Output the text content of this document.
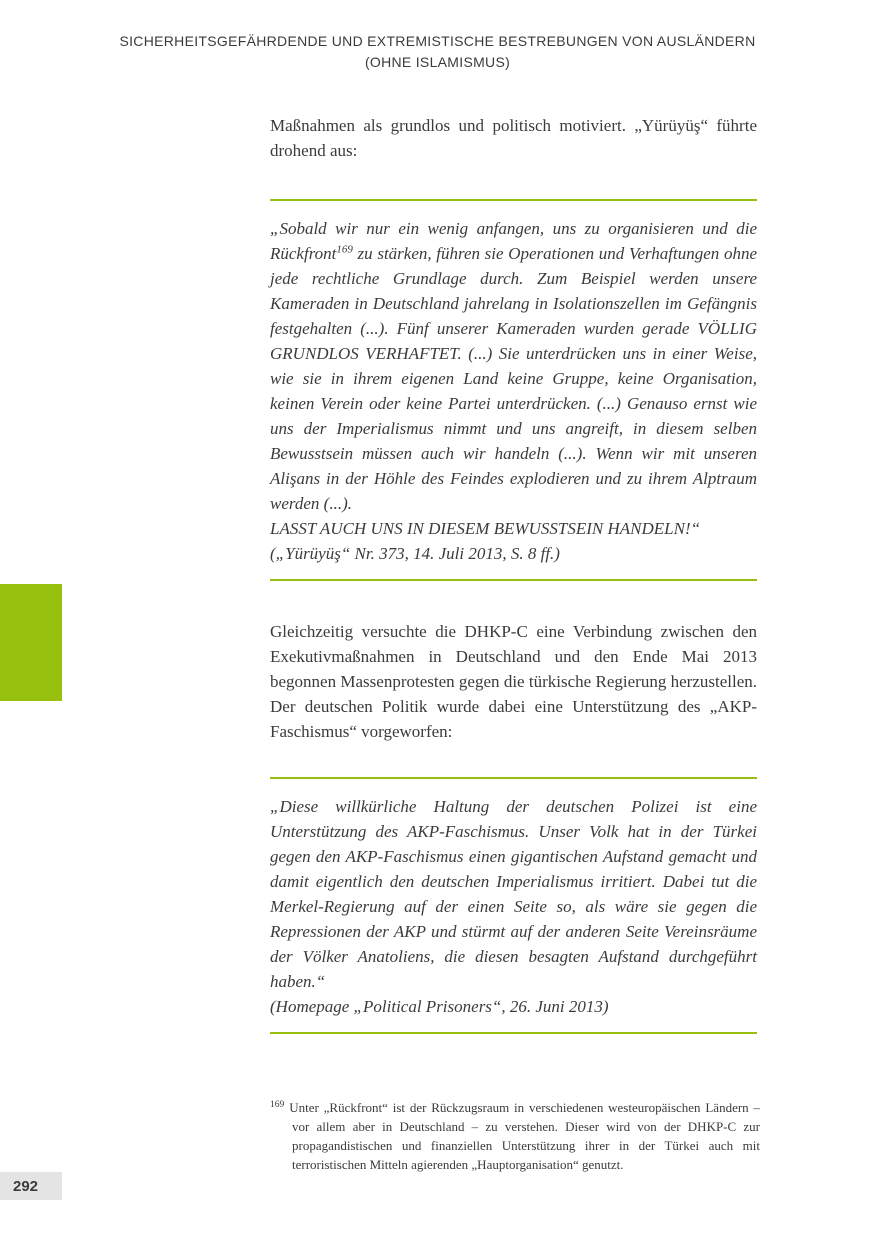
SICHERHEITSGEFÄHRDENDE UND EXTREMISTISCHE BESTREBUNGEN VON AUSLÄNDERN
(OHNE ISLAMISMUS)

Maßnahmen als grundlos und politisch motiviert. „Yürüyüş“ führte drohend aus:

„Sobald wir nur ein wenig anfangen, uns zu organisieren und die Rückfront$^{169}$ zu stärken, führen sie Operationen und Verhaftungen ohne jede rechtliche Grundlage durch. Zum Beispiel werden unsere Kameraden in Deutschland jahrelang in Isolationszellen im Gefängnis festgehalten (...). Fünf unserer Kameraden wurden gerade VÖLLIG GRUNDLOS VERHAFTET. (...) Sie unterdrücken uns in einer Weise, wie sie in ihrem eigenen Land keine Gruppe, keine Organisation, keinen Verein oder keine Partei unterdrücken. (...) Genauso ernst wie uns der Imperialismus nimmt und uns angreift, in diesem selben Bewusstsein müssen auch wir handeln (...). Wenn wir mit unseren Alişans in der Höhle des Feindes explodieren und zu ihrem Alptraum werden (...).

LASST AUCH UNS IN DIESEM BEWUSSTSEIN HANDELN!“

(„Yürüyüş“ Nr. 373, 14. Juli 2013, S. 8 ff.)

Gleichzeitig versuchte die DHKP-C eine Verbindung zwischen den Exekutivmaßnahmen in Deutschland und den Ende Mai 2013 begonnen Massenprotesten gegen die türkische Regierung herzustellen. Der deutschen Politik wurde dabei eine Unterstützung des „AKP-Faschismus“ vorgeworfen:

„Diese willkürliche Haltung der deutschen Polizei ist eine Unterstützung des AKP-Faschismus. Unser Volk hat in der Türkei gegen den AKP-Faschismus einen gigantischen Aufstand gemacht und damit eigentlich den deutschen Imperialismus irritiert. Dabei tut die Merkel-Regierung auf der einen Seite so, als wäre sie gegen die Repressionen der AKP und stürmt auf der anderen Seite Vereinsräume der Völker Anatoliens, die diesen besagten Aufstand durchgeführt haben.“

(Homepage „Political Prisoners“, 26. Juni 2013)

$^{169}$ Unter „Rückfront“ ist der Rückzugsraum in verschiedenen westeuropäischen Ländern – vor allem aber in Deutschland – zu verstehen. Dieser wird von der DHKP-C zur propagandistischen und finanziellen Unterstützung ihrer in der Türkei auch mit terroristischen Mitteln agierenden „Hauptorganisation“ genutzt.
292
